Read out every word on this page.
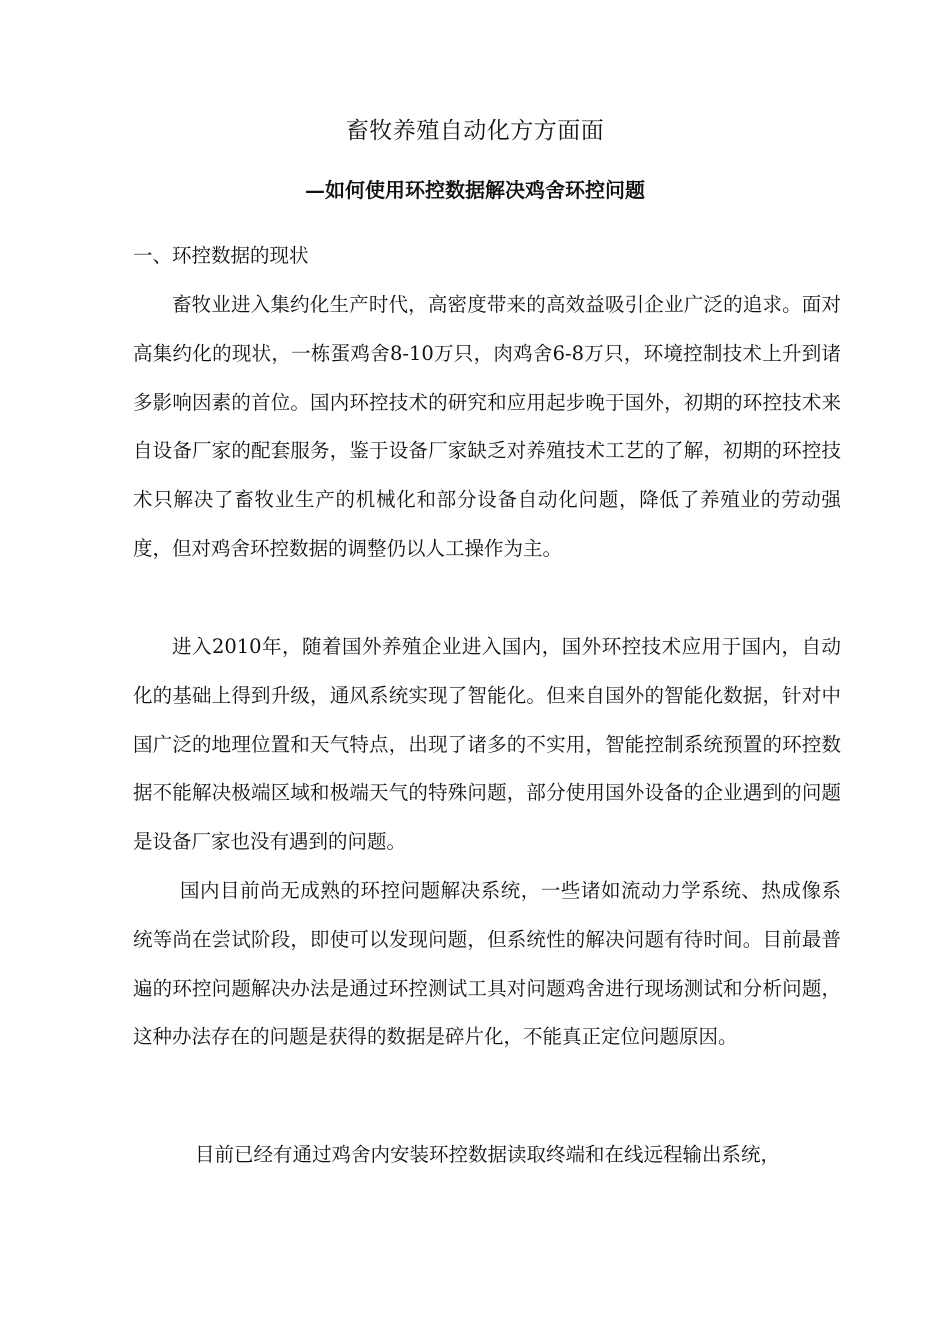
畜牧养殖自动化方方面面
—如何使用环控数据解决鸡舍环控问题
一、环控数据的现状

畜牧业进入集约化生产时代，高密度带来的高效益吸引企业广泛的追求。面对高集约化的现状，一栋蛋鸡舍8-10万只，肉鸡舍6-8万只，环境控制技术上升到诸多影响因素的首位。国内环控技术的研究和应用起步晚于国外，初期的环控技术来自设备厂家的配套服务，鉴于设备厂家缺乏对养殖技术工艺的了解，初期的环控技术只解决了畜牧业生产的机械化和部分设备自动化问题，降低了养殖业的劳动强度，但对鸡舍环控数据的调整仍以人工操作为主。

进入2010年，随着国外养殖企业进入国内，国外环控技术应用于国内，自动化的基础上得到升级，通风系统实现了智能化。但来自国外的智能化数据，针对中国广泛的地理位置和天气特点，出现了诸多的不实用，智能控制系统预置的环控数据不能解决极端区域和极端天气的特殊问题，部分使用国外设备的企业遇到的问题是设备厂家也没有遇到的问题。

国内目前尚无成熟的环控问题解决系统，一些诸如流动力学系统、热成像系统等尚在尝试阶段，即使可以发现问题，但系统性的解决问题有待时间。目前最普遍的环控问题解决办法是通过环控测试工具对问题鸡舍进行现场测试和分析问题，这种办法存在的问题是获得的数据是碎片化，不能真正定位问题原因。

目前已经有通过鸡舍内安装环控数据读取终端和在线远程输出系统，
